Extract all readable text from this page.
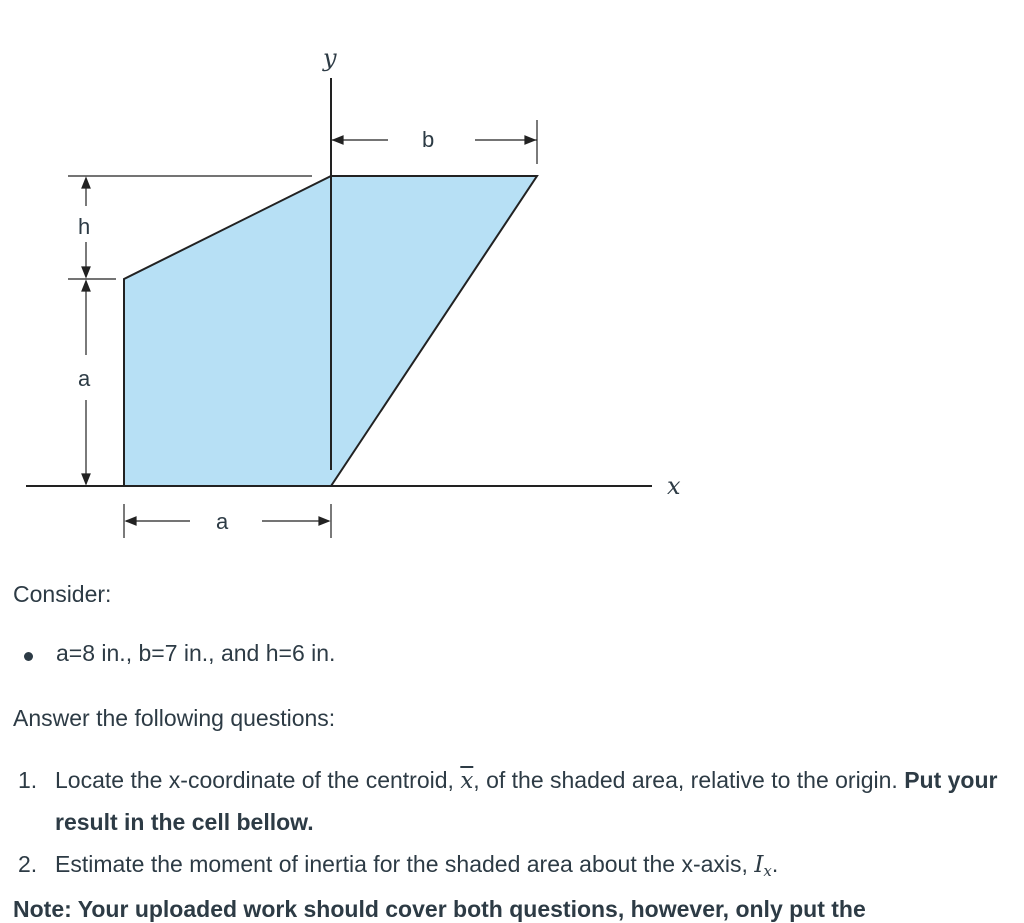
y
x
b
h
a
a
Consider:
a=8 in., b=7 in., and h=6 in.
Answer the following questions:
1. Locate the x-coordinate of the centroid, $\overline{x}$, of the shaded area, relative to the origin. Put your result in the cell bellow.
2. Estimate the moment of inertia for the shaded area about the x-axis, $I_x$.
Note: Your uploaded work should cover both questions, however, only put the
